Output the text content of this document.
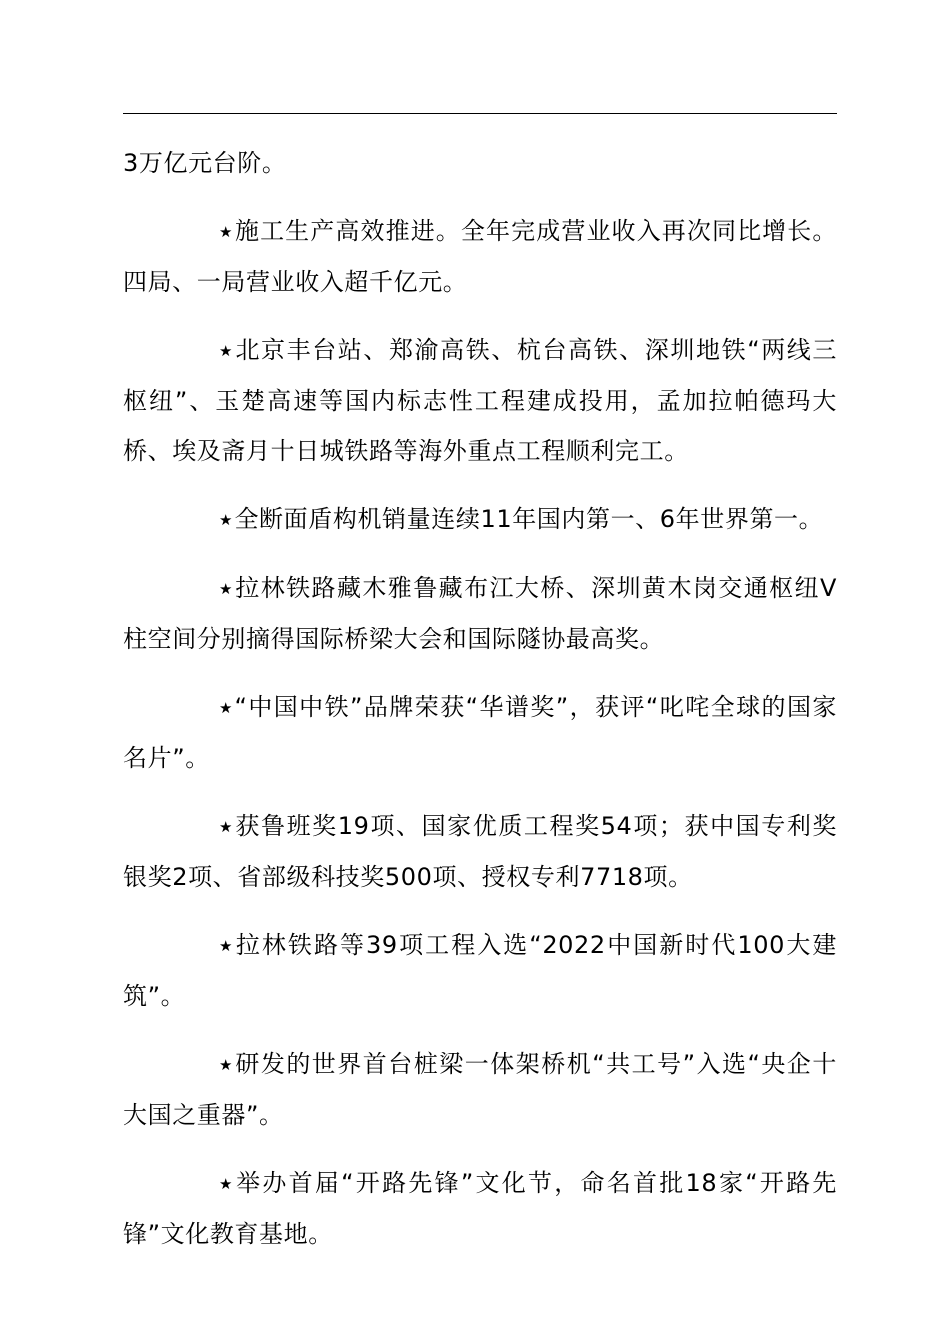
3万亿元台阶。

★施工生产高效推进。全年完成营业收入再次同比增长。四局、一局营业收入超千亿元。

★北京丰台站、郑渝高铁、杭台高铁、深圳地铁“两线三枢纽”、玉楚高速等国内标志性工程建成投用，孟加拉帕德玛大桥、埃及斋月十日城铁路等海外重点工程顺利完工。

★全断面盾构机销量连续11年国内第一、6年世界第一。

★拉林铁路藏木雅鲁藏布江大桥、深圳黄木岗交通枢纽V柱空间分别摘得国际桥梁大会和国际隧协最高奖。

★“中国中铁”品牌荣获“华谱奖”，获评“叱咤全球的国家名片”。

★获鲁班奖19项、国家优质工程奖54项；获中国专利奖银奖2项、省部级科技奖500项、授权专利7718项。

★拉林铁路等39项工程入选“2022中国新时代100大建筑”。

★研发的世界首台桩梁一体架桥机“共工号”入选“央企十大国之重器”。

★举办首届“开路先锋”文化节，命名首批18家“开路先锋”文化教育基地。
